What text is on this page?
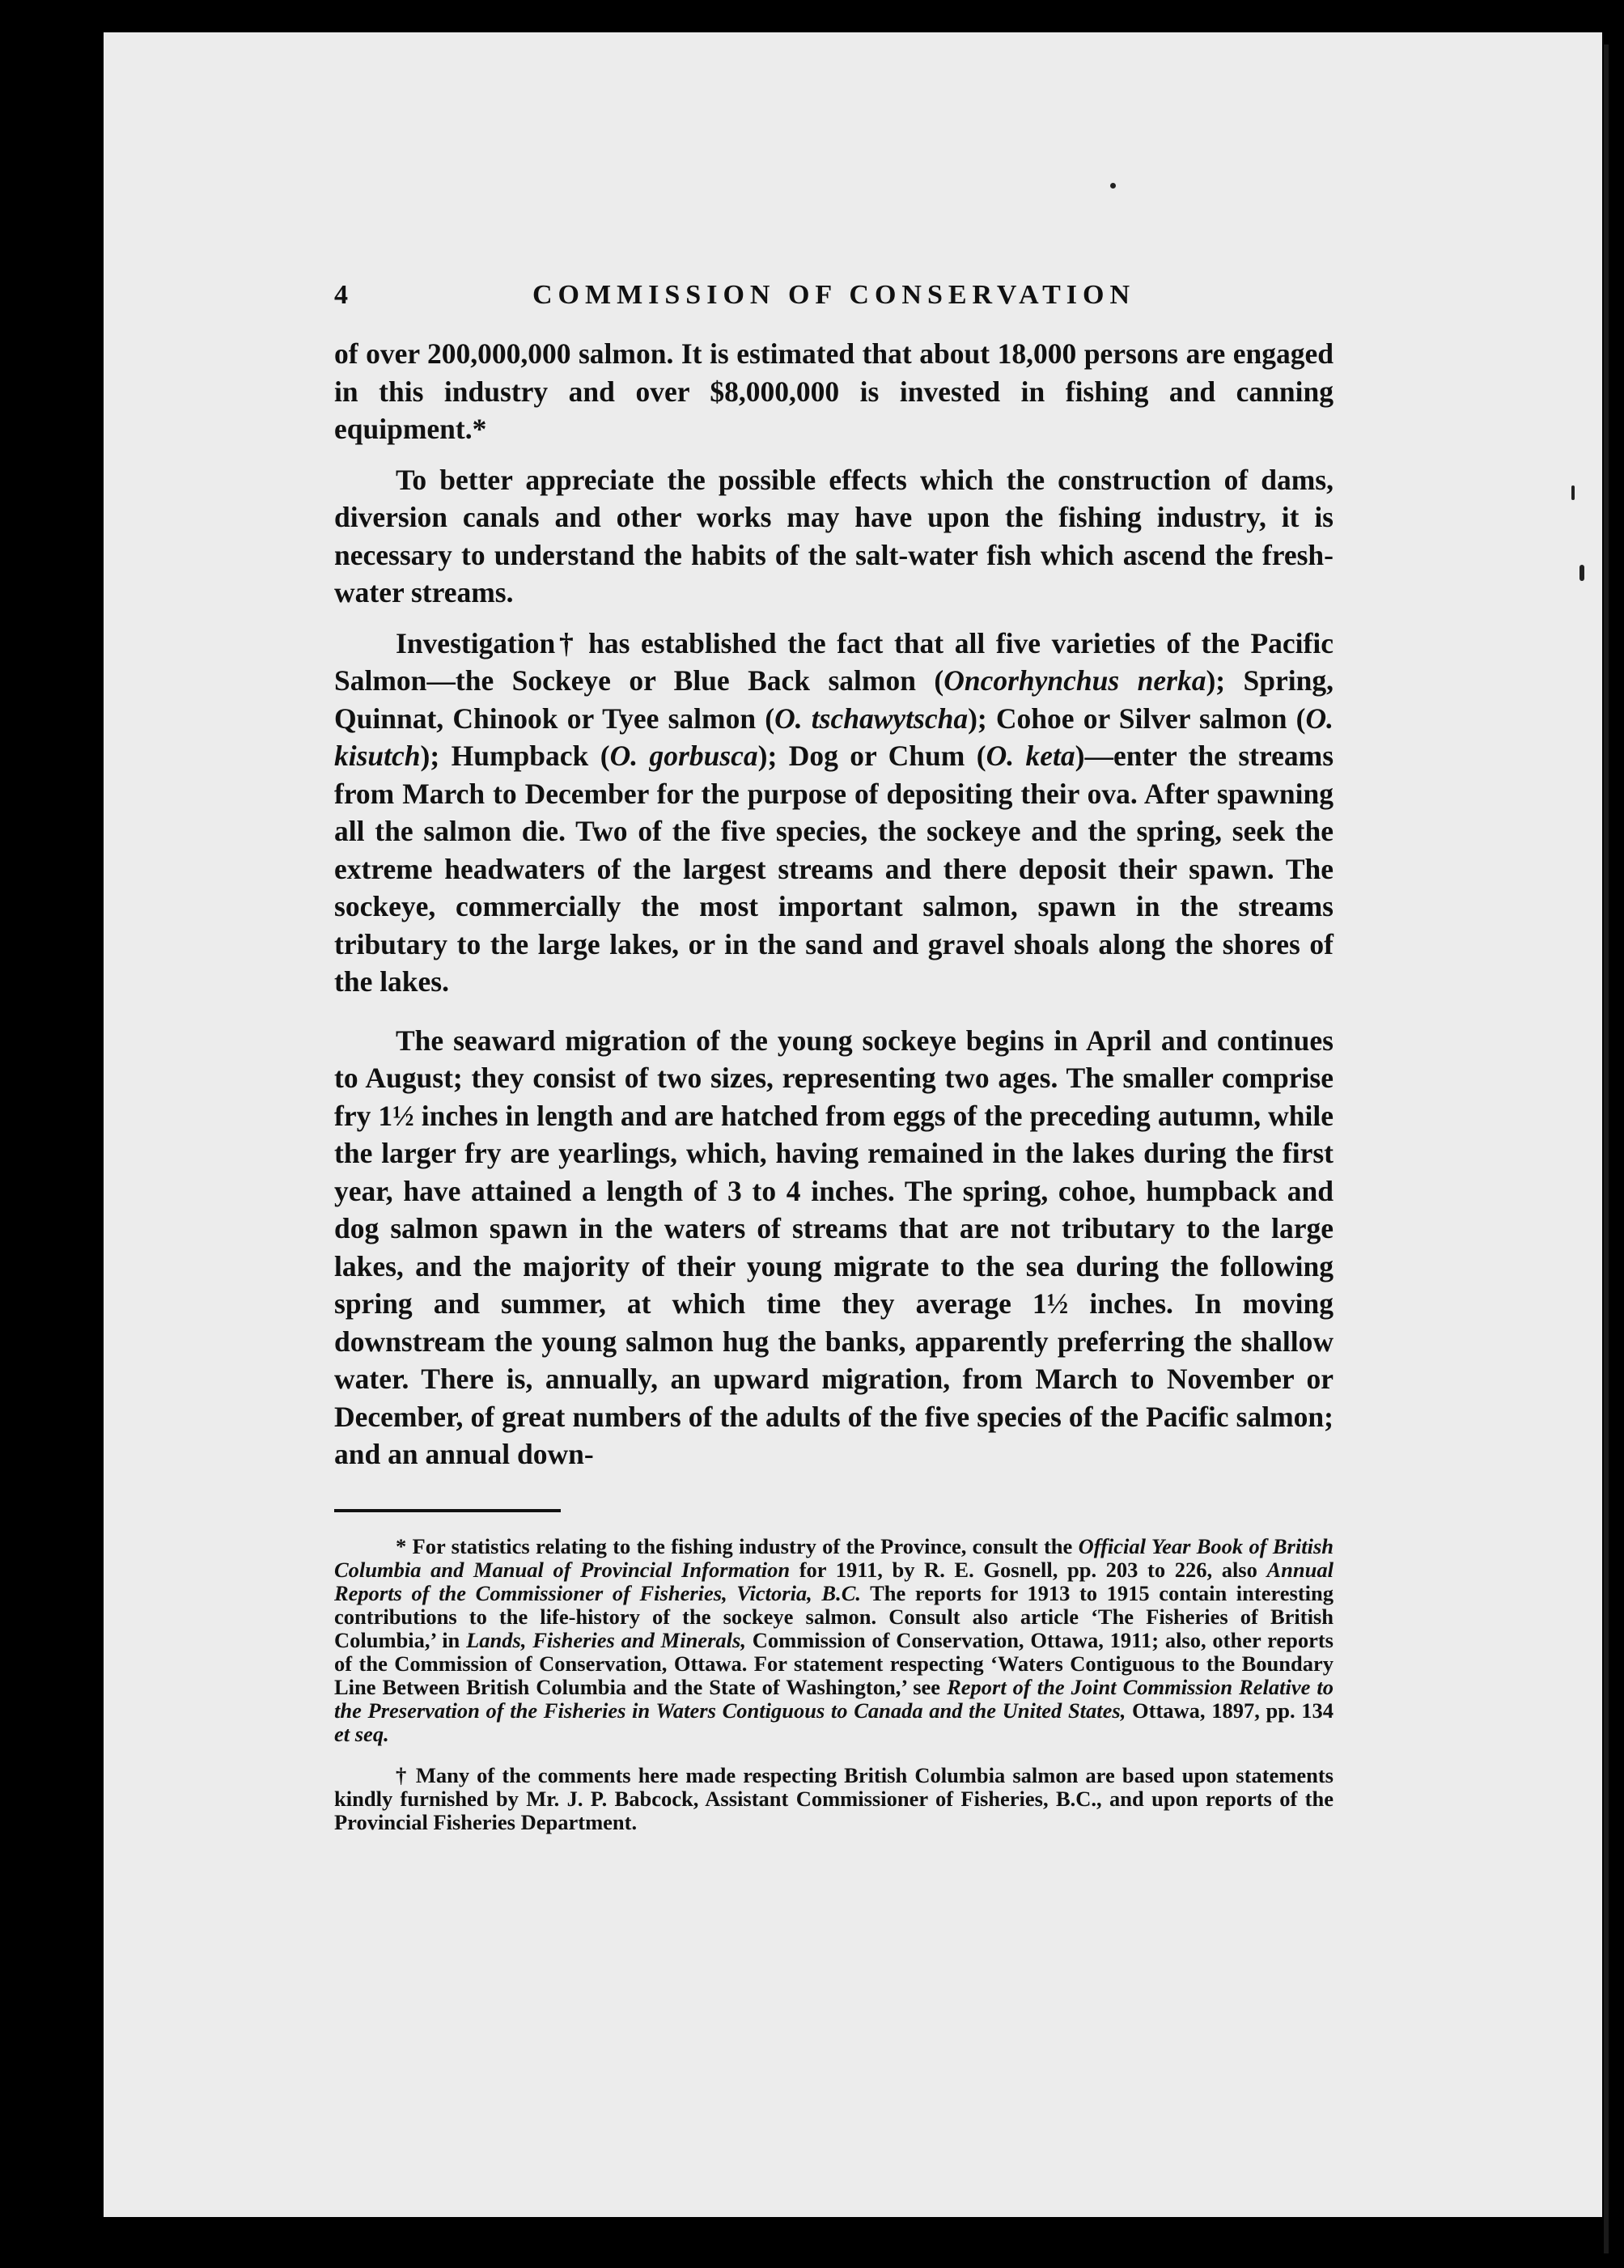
4	COMMISSION OF CONSERVATION

of over 200,000,000 salmon. It is estimated that about 18,000 persons are engaged in this industry and over $8,000,000 is invested in fishing and canning equipment.*

To better appreciate the possible effects which the construction of dams, diversion canals and other works may have upon the fishing industry, it is necessary to understand the habits of the salt-water fish which ascend the fresh-water streams.

Investigation† has established the fact that all five varieties of the Pacific Salmon—the Sockeye or Blue Back salmon (Oncorhynchus nerka); Spring, Quinnat, Chinook or Tyee salmon (O. tschawytscha); Cohoe or Silver salmon (O. kisutch); Humpback (O. gorbusca); Dog or Chum (O. keta)—enter the streams from March to December for the purpose of depositing their ova. After spawning all the salmon die. Two of the five species, the sockeye and the spring, seek the extreme headwaters of the largest streams and there deposit their spawn. The sockeye, commercially the most important salmon, spawn in the streams tributary to the large lakes, or in the sand and gravel shoals along the shores of the lakes.

The seaward migration of the young sockeye begins in April and continues to August; they consist of two sizes, representing two ages. The smaller comprise fry 1½ inches in length and are hatched from eggs of the preceding autumn, while the larger fry are yearlings, which, having remained in the lakes during the first year, have attained a length of 3 to 4 inches. The spring, cohoe, humpback and dog salmon spawn in the waters of streams that are not tributary to the large lakes, and the majority of their young migrate to the sea during the following spring and summer, at which time they average 1½ inches. In moving downstream the young salmon hug the banks, apparently preferring the shallow water. There is, annually, an upward migration, from March to November or December, of great numbers of the adults of the five species of the Pacific salmon; and an annual down-

* For statistics relating to the fishing industry of the Province, consult the Official Year Book of British Columbia and Manual of Provincial Information for 1911, by R. E. Gosnell, pp. 203 to 226, also Annual Reports of the Commissioner of Fisheries, Victoria, B.C. The reports for 1913 to 1915 contain interesting contributions to the life-history of the sockeye salmon. Consult also article ‘The Fisheries of British Columbia,’ in Lands, Fisheries and Minerals, Commission of Conservation, Ottawa, 1911; also, other reports of the Commission of Conservation, Ottawa. For statement respecting ‘Waters Contiguous to the Boundary Line Between British Columbia and the State of Washington,’ see Report of the Joint Commission Relative to the Preservation of the Fisheries in Waters Contiguous to Canada and the United States, Ottawa, 1897, pp. 134 et seq.

† Many of the comments here made respecting British Columbia salmon are based upon statements kindly furnished by Mr. J. P. Babcock, Assistant Commissioner of Fisheries, B.C., and upon reports of the Provincial Fisheries Department.
